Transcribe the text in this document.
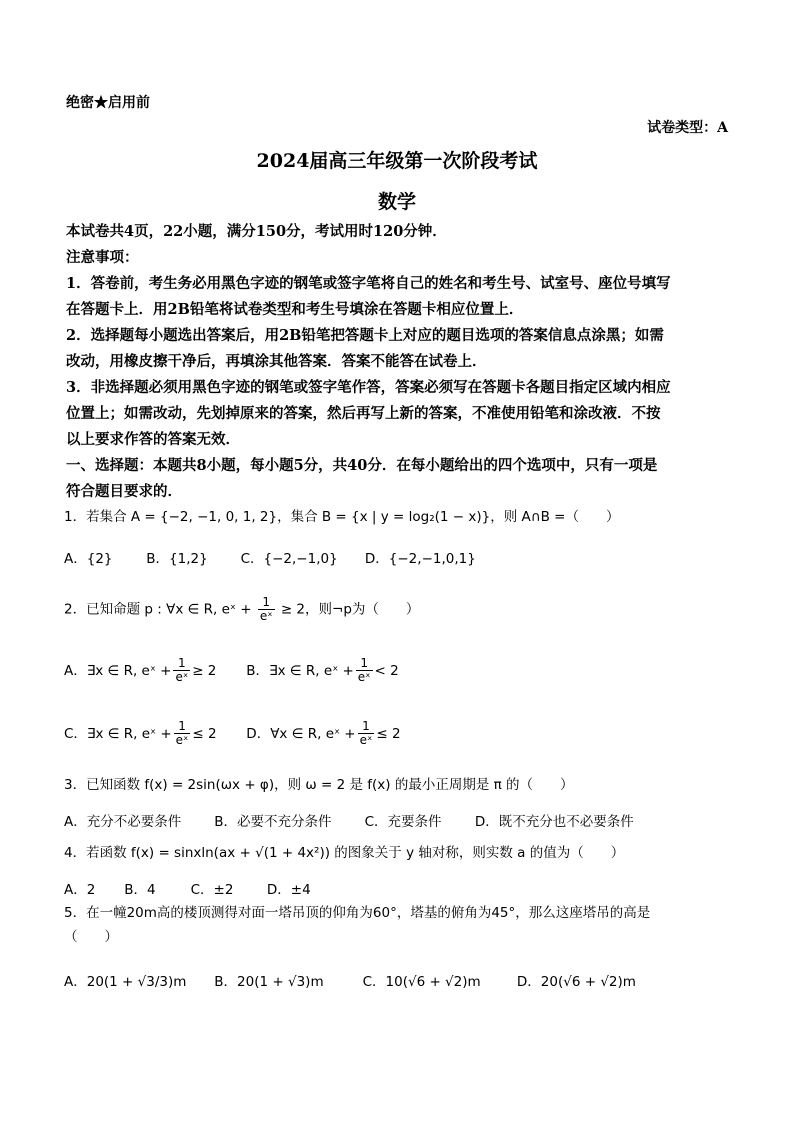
绝密★启用前
试卷类型：A
2024届高三年级第一次阶段考试
数学
本试卷共4页，22小题，满分150分，考试用时120分钟．
注意事项：
1．答卷前，考生务必用黑色字迹的钢笔或签字笔将自己的姓名和考生号、试室号、座位号填写
在答题卡上．用2B铅笔将试卷类型和考生号填涂在答题卡相应位置上．
2．选择题每小题选出答案后，用2B铅笔把答题卡上对应的题目选项的答案信息点涂黑；如需
改动，用橡皮擦干净后，再填涂其他答案．答案不能答在试卷上．
3．非选择题必须用黑色字迹的钢笔或签字笔作答，答案必须写在答题卡各题目指定区域内相应
位置上；如需改动，先划掉原来的答案，然后再写上新的答案，不准使用铅笔和涂改液．不按
以上要求作答的答案无效．
一、选择题：本题共8小题，每小题5分，共40分．在每小题给出的四个选项中，只有一项是
符合题目要求的．
1．若集合 A = {−2, −1, 0, 1, 2}，集合 B = {x | y = log₂(1 − x)}，则 A∩B =（　　）
A．{2}	B．{1,2} C．{−2,−1,0} D．{−2,−1,0,1}
2．已知命题 p : ∀x ∈ R, eˣ + $\frac{1}{\text{eˣ}} \ge 2$，则¬p为（　　）
A．∃x ∈ R, eˣ + $\frac{1}{\text{eˣ}} \ge 2$ B．∃x ∈ R, eˣ + $\frac{1}{\text{eˣ}} < 2$
C．∃x ∈ R, eˣ + $\frac{1}{\text{eˣ}} \le 2$ D．∀x ∈ R, eˣ + $\frac{1}{\text{eˣ}} \le 2$
3．已知函数 f(x) = 2sin(ωx + φ)，则 ω = 2 是 f(x) 的最小正周期是 π 的（　　）
A．充分不必要条件 B．必要不充分条件 C．充要条件 D．既不充分也不必要条件
4．若函数 f(x) = sinxln(ax + √(1 + 4x²)) 的图象关于 y 轴对称，则实数 a 的值为（　　）
A．2 B．4	C．±2 D．±4
5．在一幢20m高的楼顶测得对面一塔吊顶的仰角为60°，塔基的俯角为45°，那么这座塔吊的高是
（　　）
A．20(1 + √3/3)m B．20(1 + √3)m	C．10(√6 + √2)m	D．20(√6 + √2)m
